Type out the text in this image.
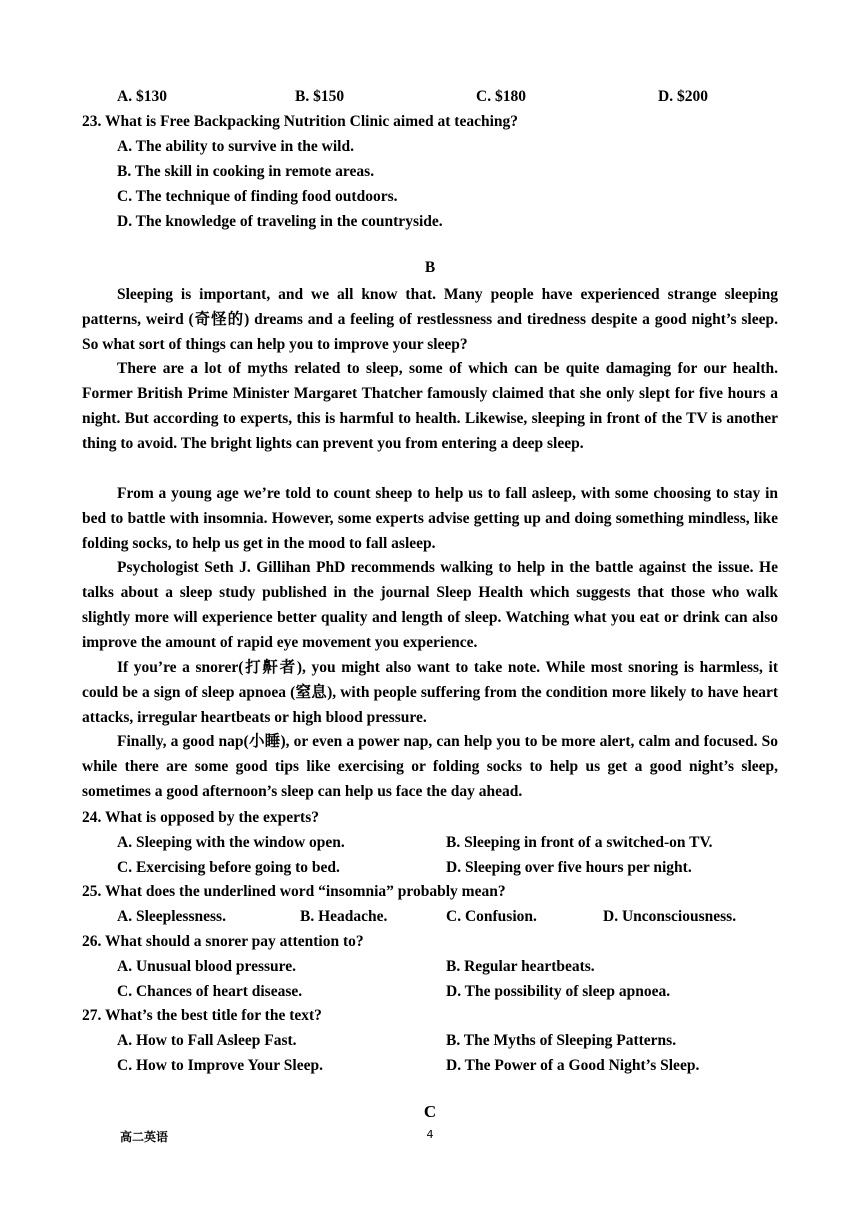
A. $130	B. $150	C. $180	D. $200
23. What is Free Backpacking Nutrition Clinic aimed at teaching?
A. The ability to survive in the wild.
B. The skill in cooking in remote areas.
C. The technique of finding food outdoors.
D. The knowledge of traveling in the countryside.
B
Sleeping is important, and we all know that. Many people have experienced strange sleeping patterns, weird (奇怪的) dreams and a feeling of restlessness and tiredness despite a good night’s sleep. So what sort of things can help you to improve your sleep?
There are a lot of myths related to sleep, some of which can be quite damaging for our health. Former British Prime Minister Margaret Thatcher famously claimed that she only slept for five hours a night. But according to experts, this is harmful to health. Likewise, sleeping in front of the TV is another thing to avoid. The bright lights can prevent you from entering a deep sleep.
From a young age we’re told to count sheep to help us to fall asleep, with some choosing to stay in bed to battle with insomnia. However, some experts advise getting up and doing something mindless, like folding socks, to help us get in the mood to fall asleep.
Psychologist Seth J. Gillihan PhD recommends walking to help in the battle against the issue. He talks about a sleep study published in the journal Sleep Health which suggests that those who walk slightly more will experience better quality and length of sleep. Watching what you eat or drink can also improve the amount of rapid eye movement you experience.
If you’re a snorer(打鼾者), you might also want to take note. While most snoring is harmless, it could be a sign of sleep apnoea (窒息), with people suffering from the condition more likely to have heart attacks, irregular heartbeats or high blood pressure.
Finally, a good nap(小睡), or even a power nap, can help you to be more alert, calm and focused. So while there are some good tips like exercising or folding socks to help us get a good night’s sleep, sometimes a good afternoon’s sleep can help us face the day ahead.
24. What is opposed by the experts?
A. Sleeping with the window open.	B. Sleeping in front of a switched-on TV.
C. Exercising before going to bed.	D. Sleeping over five hours per night.
25. What does the underlined word “insomnia” probably mean?
A. Sleeplessness.	B. Headache.	C. Confusion.	D. Unconsciousness.
26. What should a snorer pay attention to?
A. Unusual blood pressure.	B. Regular heartbeats.
C. Chances of heart disease.	D. The possibility of sleep apnoea.
27. What’s the best title for the text?
A. How to Fall Asleep Fast.	B. The Myths of Sleeping Patterns.
C. How to Improve Your Sleep.	D. The Power of a Good Night’s Sleep.
C
高二英语	4
